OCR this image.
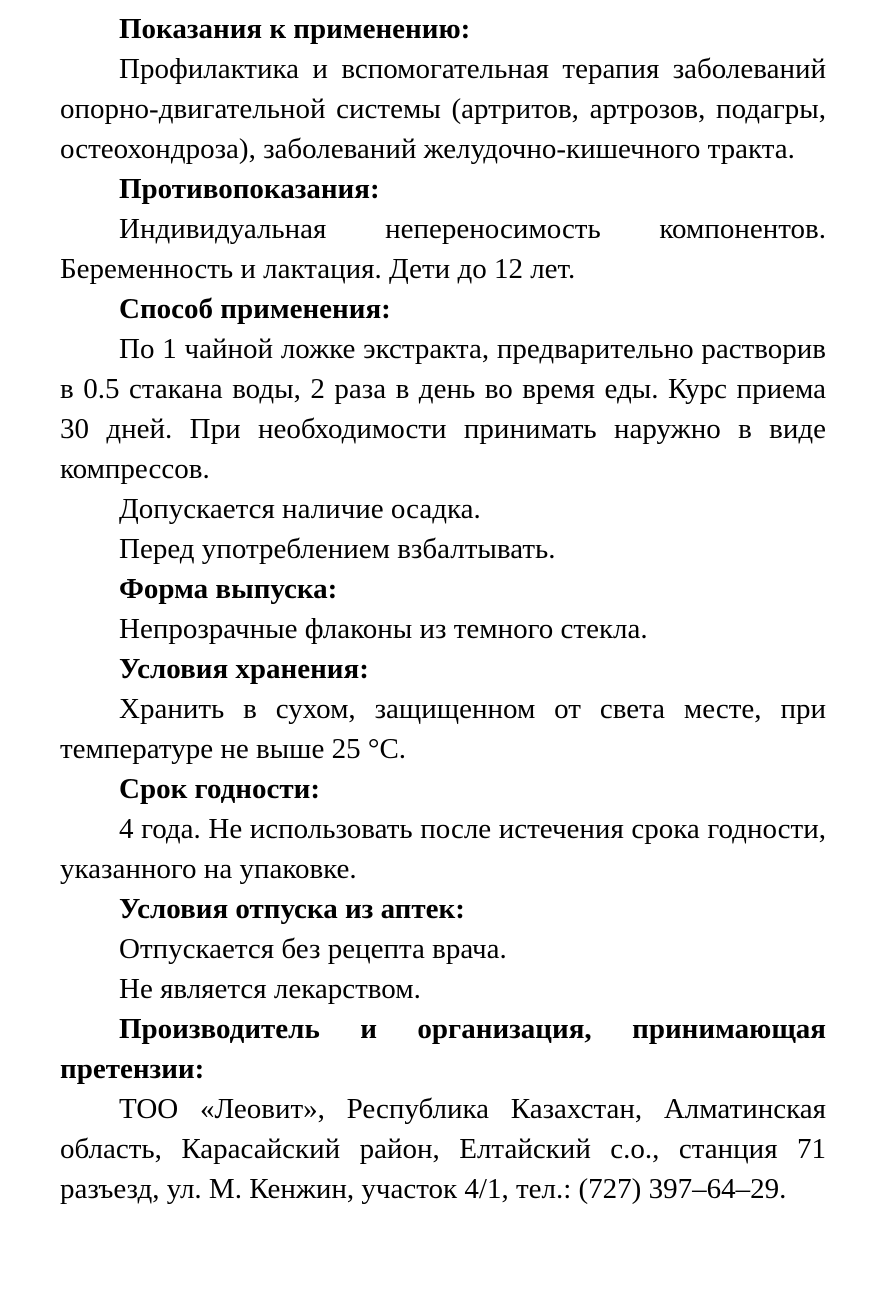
Показания к применению:

Профилактика и вспомогательная терапия заболеваний опорно-двигательной системы (артритов, артрозов, подагры, остеохондроза), заболеваний желудочно-кишечного тракта.

Противопоказания:

Индивидуальная непереносимость компонентов. Беременность и лактация. Дети до 12 лет.

Способ применения:

По 1 чайной ложке экстракта, предварительно растворив в 0.5 стакана воды, 2 раза в день во время еды. Курс приема 30 дней. При необходимости принимать наружно в виде компрессов.

Допускается наличие осадка.

Перед употреблением взбалтывать.

Форма выпуска:

Непрозрачные флаконы из темного стекла.

Условия хранения:

Хранить в сухом, защищенном от света месте, при температуре не выше 25 °С.

Срок годности:

4 года. Не использовать после истечения срока годности, указанного на упаковке.

Условия отпуска из аптек:

Отпускается без рецепта врача.

Не является лекарством.

Производитель и организация, принимающая претензии:

ТОО «Леовит», Республика Казахстан, Алматинская область, Карасайский район, Елтайский с.о., станция 71 разъезд, ул. М. Кенжин, участок 4/1, тел.: (727) 397–64–29.
